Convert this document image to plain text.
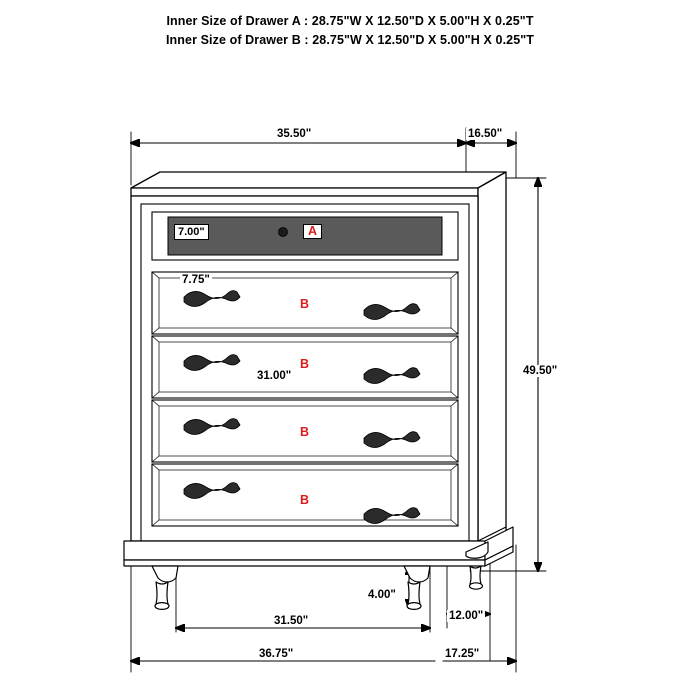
Inner Size of Drawer A : 28.75"W X 12.50"D X 5.00"H X 0.25"T
Inner Size of Drawer B : 28.75"W X 12.50"D X 5.00"H X 0.25"T
35.50"	16.50"
49.50"
7.00"
7.75"
31.00"
31.50"
36.75"	17.25"
4.00"
12.00"
A
B
B
B
B
